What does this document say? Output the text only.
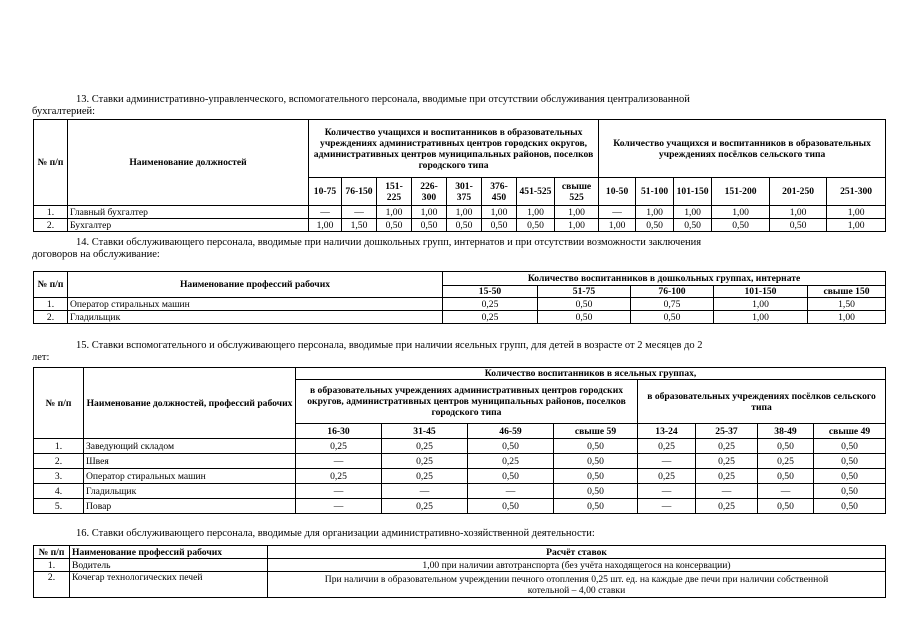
13. Ставки административно-управленческого, вспомогательного персонала, вводимые при отсутствии обслуживания централизованной
бухгалтерией:
№ п/п	Наименование должностей	Количество учащихся и воспитанников в образовательных учреждениях административных центров городских округов, административных центров муниципальных районов, поселков городского типа								Количество учащихся и воспитанников в образовательных учреждениях посёлков сельского типа					
		10-75	76-150	151-225	226-300	301-375	376-450	451-525	свыше 525	10-50	51-100	101-150	151-200	201-250	251-300
1.	Главный бухгалтер	—	—	1,00	1,00	1,00	1,00	1,00	1,00	—	1,00	1,00	1,00	1,00	1,00
2.	Бухгалтер	1,00	1,50	0,50	0,50	0,50	0,50	0,50	1,00	1,00	0,50	0,50	0,50	0,50	1,00
14. Ставки обслуживающего персонала, вводимые при наличии дошкольных групп, интернатов и при отсутствии возможности заключения
договоров на обслуживание:
№ п/п	Наименование профессий рабочих	Количество воспитанников в дошкольных группах, интернате				
		15-50	51-75	76-100	101-150	свыше 150
1.	Оператор стиральных машин	0,25	0,50	0,75	1,00	1,50
2.	Гладильщик	0,25	0,50	0,50	1,00	1,00
15. Ставки вспомогательного и обслуживающего персонала, вводимые при наличии ясельных групп, для детей в возрасте от 2 месяцев до 2
лет:
№ п/п	Наименование должностей, профессий рабочих	Количество воспитанников в ясельных группах,							
		в образовательных учреждениях административных центров городских округов, административных центров муниципальных районов, поселков городского типа				в образовательных учреждениях посёлков сельского типа			
		16-30	31-45	46-59	свыше 59	13-24	25-37	38-49	свыше 49
1.	Заведующий складом	0,25	0,25	0,50	0,50	0,25	0,25	0,50	0,50
2.	Швея	—	0,25	0,25	0,50	—	0,25	0,25	0,50
3.	Оператор стиральных машин	0,25	0,25	0,50	0,50	0,25	0,25	0,50	0,50
4.	Гладильщик	—	—	—	0,50	—	—	—	0,50
5.	Повар	—	0,25	0,50	0,50	—	0,25	0,50	0,50
16. Ставки обслуживающего персонала, вводимые для организации административно-хозяйственной деятельности:
№ п/п	Наименование профессий рабочих	Расчёт ставок
1.	Водитель	1,00 при наличии автотранспорта (без учёта находящегося на консервации)
2.	Кочегар технологических печей	При наличии в образовательном учреждении печного отопления 0,25 шт. ед. на каждые две печи при наличии собственной котельной – 4,00 ставки
